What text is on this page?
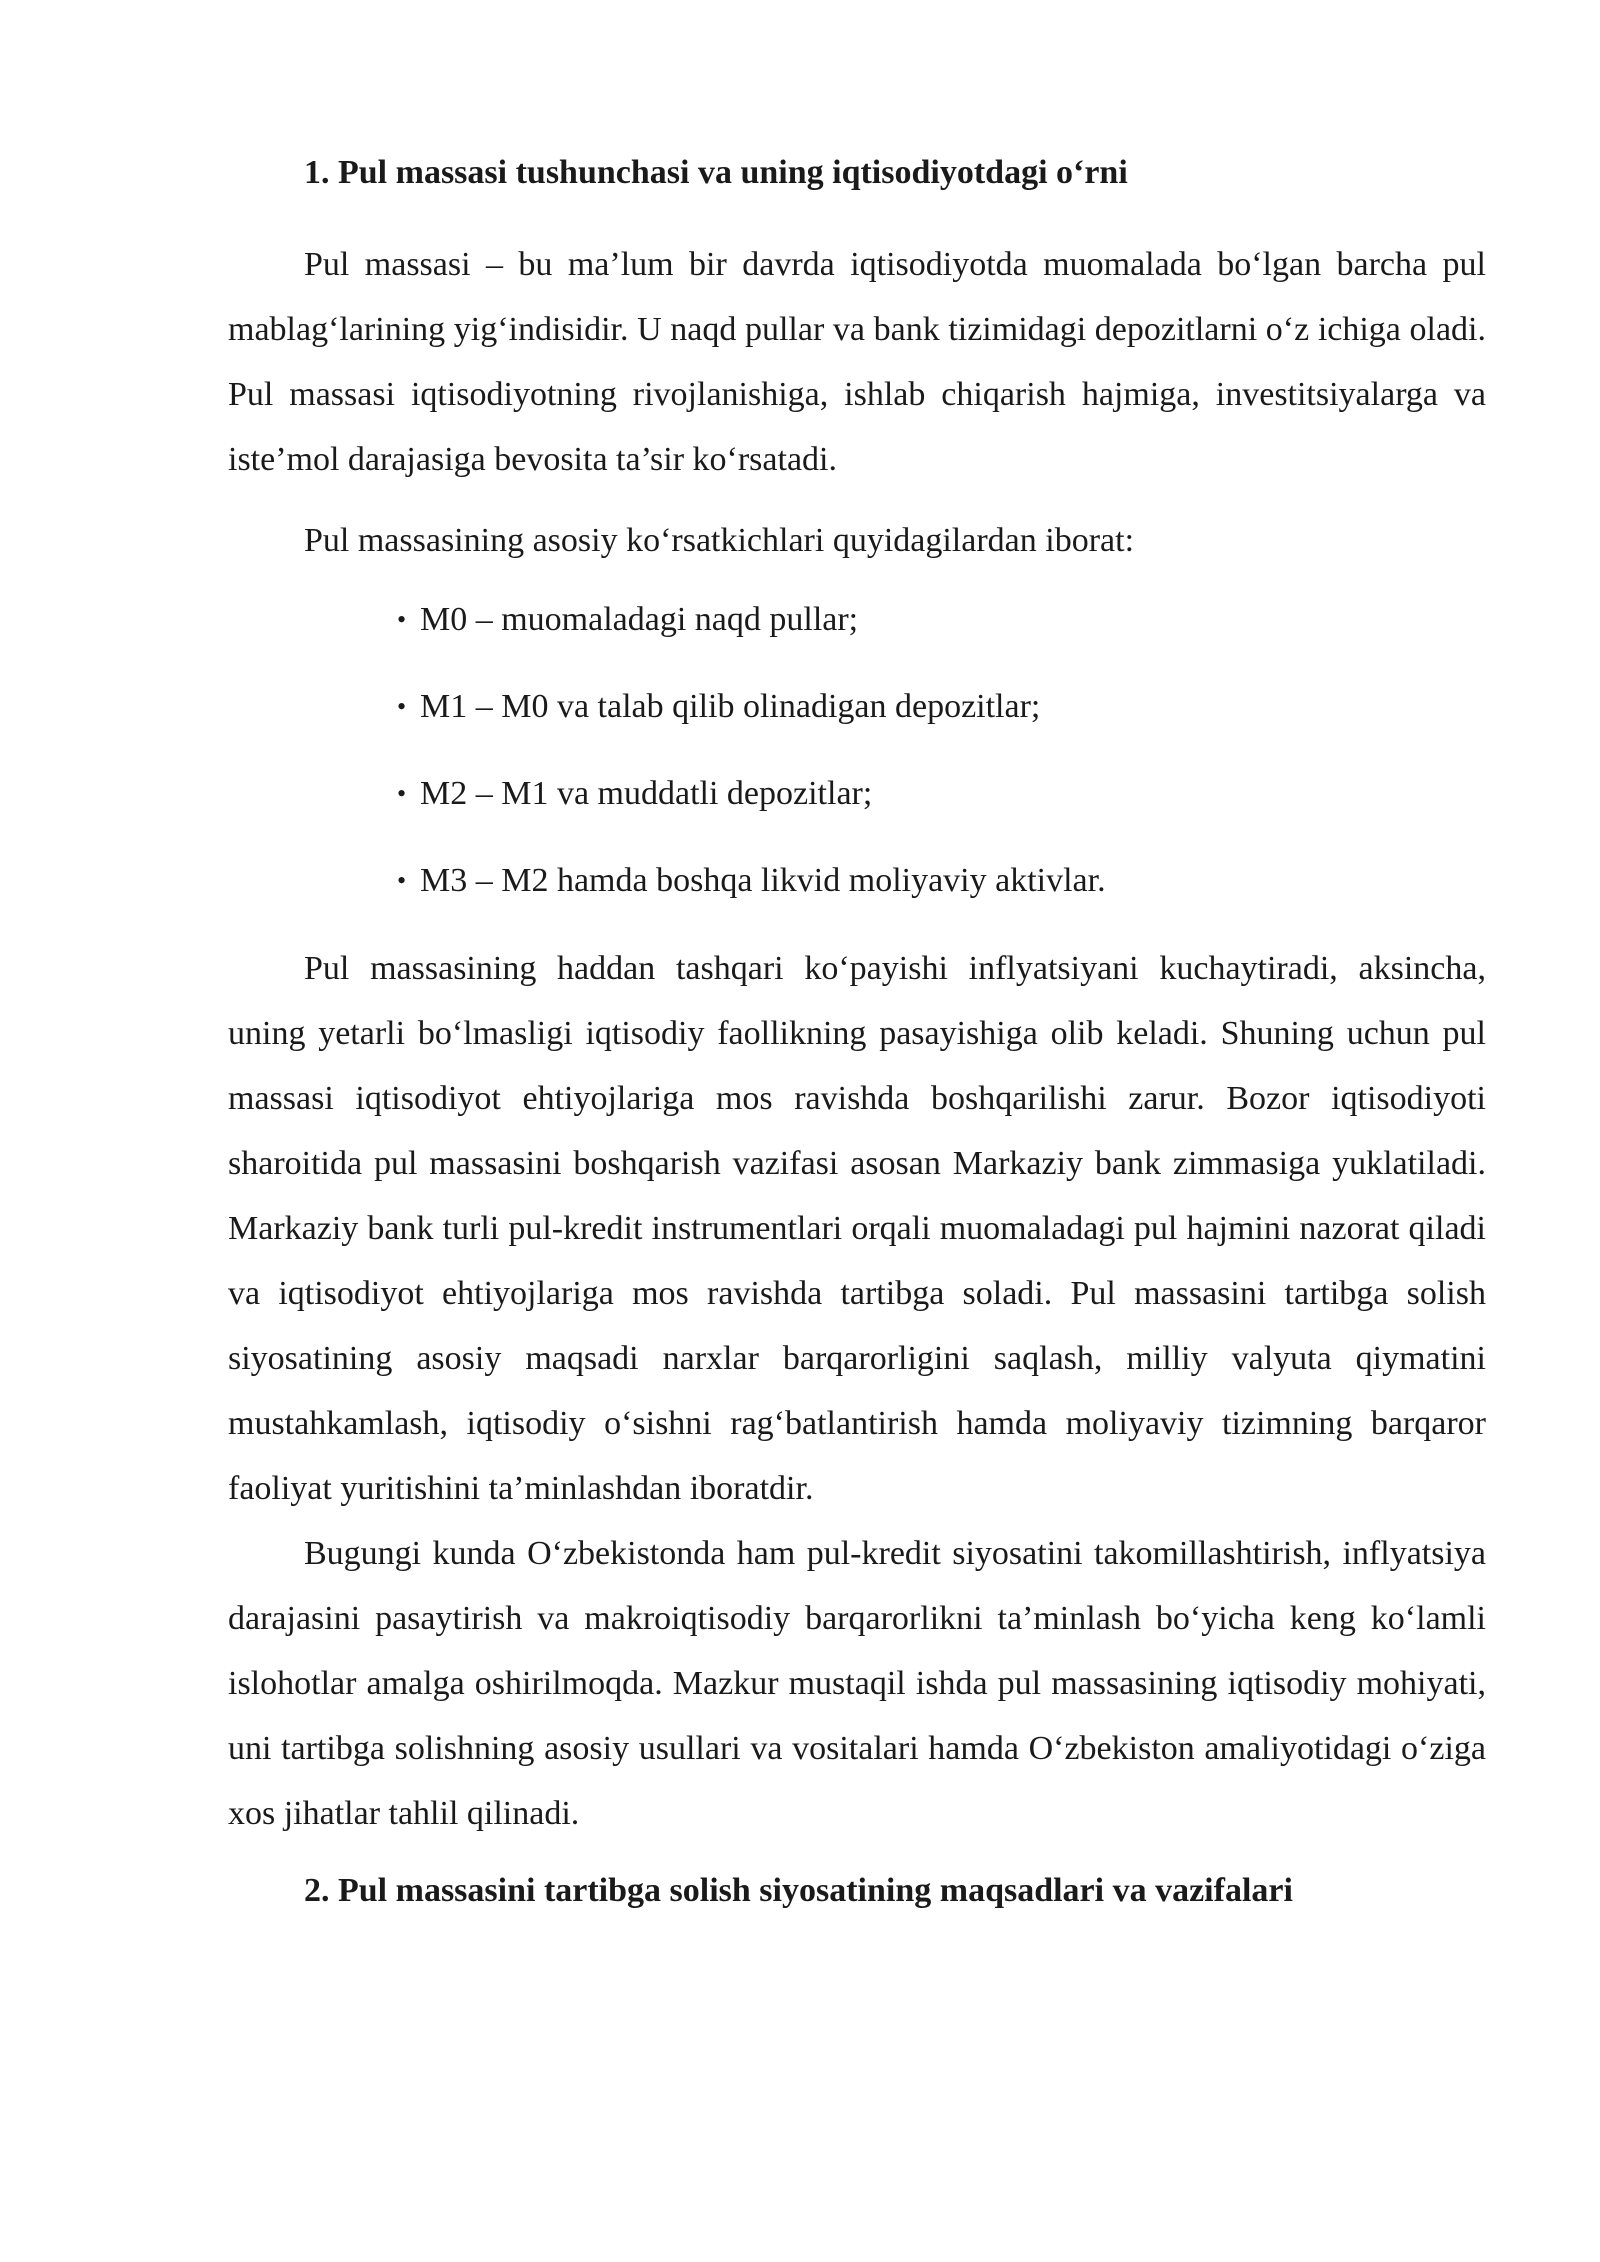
1. Pul massasi tushunchasi va uning iqtisodiyotdagi o‘rni

Pul massasi – bu ma’lum bir davrda iqtisodiyotda muomalada bo‘lgan barcha pul mablag‘larining yig‘indisidir. U naqd pullar va bank tizimidagi depozitlarni o‘z ichiga oladi. Pul massasi iqtisodiyotning rivojlanishiga, ishlab chiqarish hajmiga, investitsiyalarga va iste’mol darajasiga bevosita ta’sir ko‘rsatadi.

Pul massasining asosiy ko‘rsatkichlari quyidagilardan iborat:

• M0 – muomaladagi naqd pullar;
• M1 – M0 va talab qilib olinadigan depozitlar;
• M2 – M1 va muddatli depozitlar;
• M3 – M2 hamda boshqa likvid moliyaviy aktivlar.

Pul massasining haddan tashqari ko‘payishi inflyatsiyani kuchaytiradi, aksincha, uning yetarli bo‘lmasligi iqtisodiy faollikning pasayishiga olib keladi. Shuning uchun pul massasi iqtisodiyot ehtiyojlariga mos ravishda boshqarilishi zarur. Bozor iqtisodiyoti sharoitida pul massasini boshqarish vazifasi asosan Markaziy bank zimmasiga yuklatiladi. Markaziy bank turli pul-kredit instrumentlari orqali muomaladagi pul hajmini nazorat qiladi va iqtisodiyot ehtiyojlariga mos ravishda tartibga soladi. Pul massasini tartibga solish siyosatining asosiy maqsadi narxlar barqarorligini saqlash, milliy valyuta qiymatini mustahkamlash, iqtisodiy o‘sishni rag‘batlantirish hamda moliyaviy tizimning barqaror faoliyat yuritishini ta’minlashdan iboratdir.

Bugungi kunda O‘zbekistonda ham pul-kredit siyosatini takomillashtirish, inflyatsiya darajasini pasaytirish va makroiqtisodiy barqarorlikni ta’minlash bo‘yicha keng ko‘lamli islohotlar amalga oshirilmoqda. Mazkur mustaqil ishda pul massasining iqtisodiy mohiyati, uni tartibga solishning asosiy usullari va vositalari hamda O‘zbekiston amaliyotidagi o‘ziga xos jihatlar tahlil qilinadi.

2. Pul massasini tartibga solish siyosatining maqsadlari va vazifalari
